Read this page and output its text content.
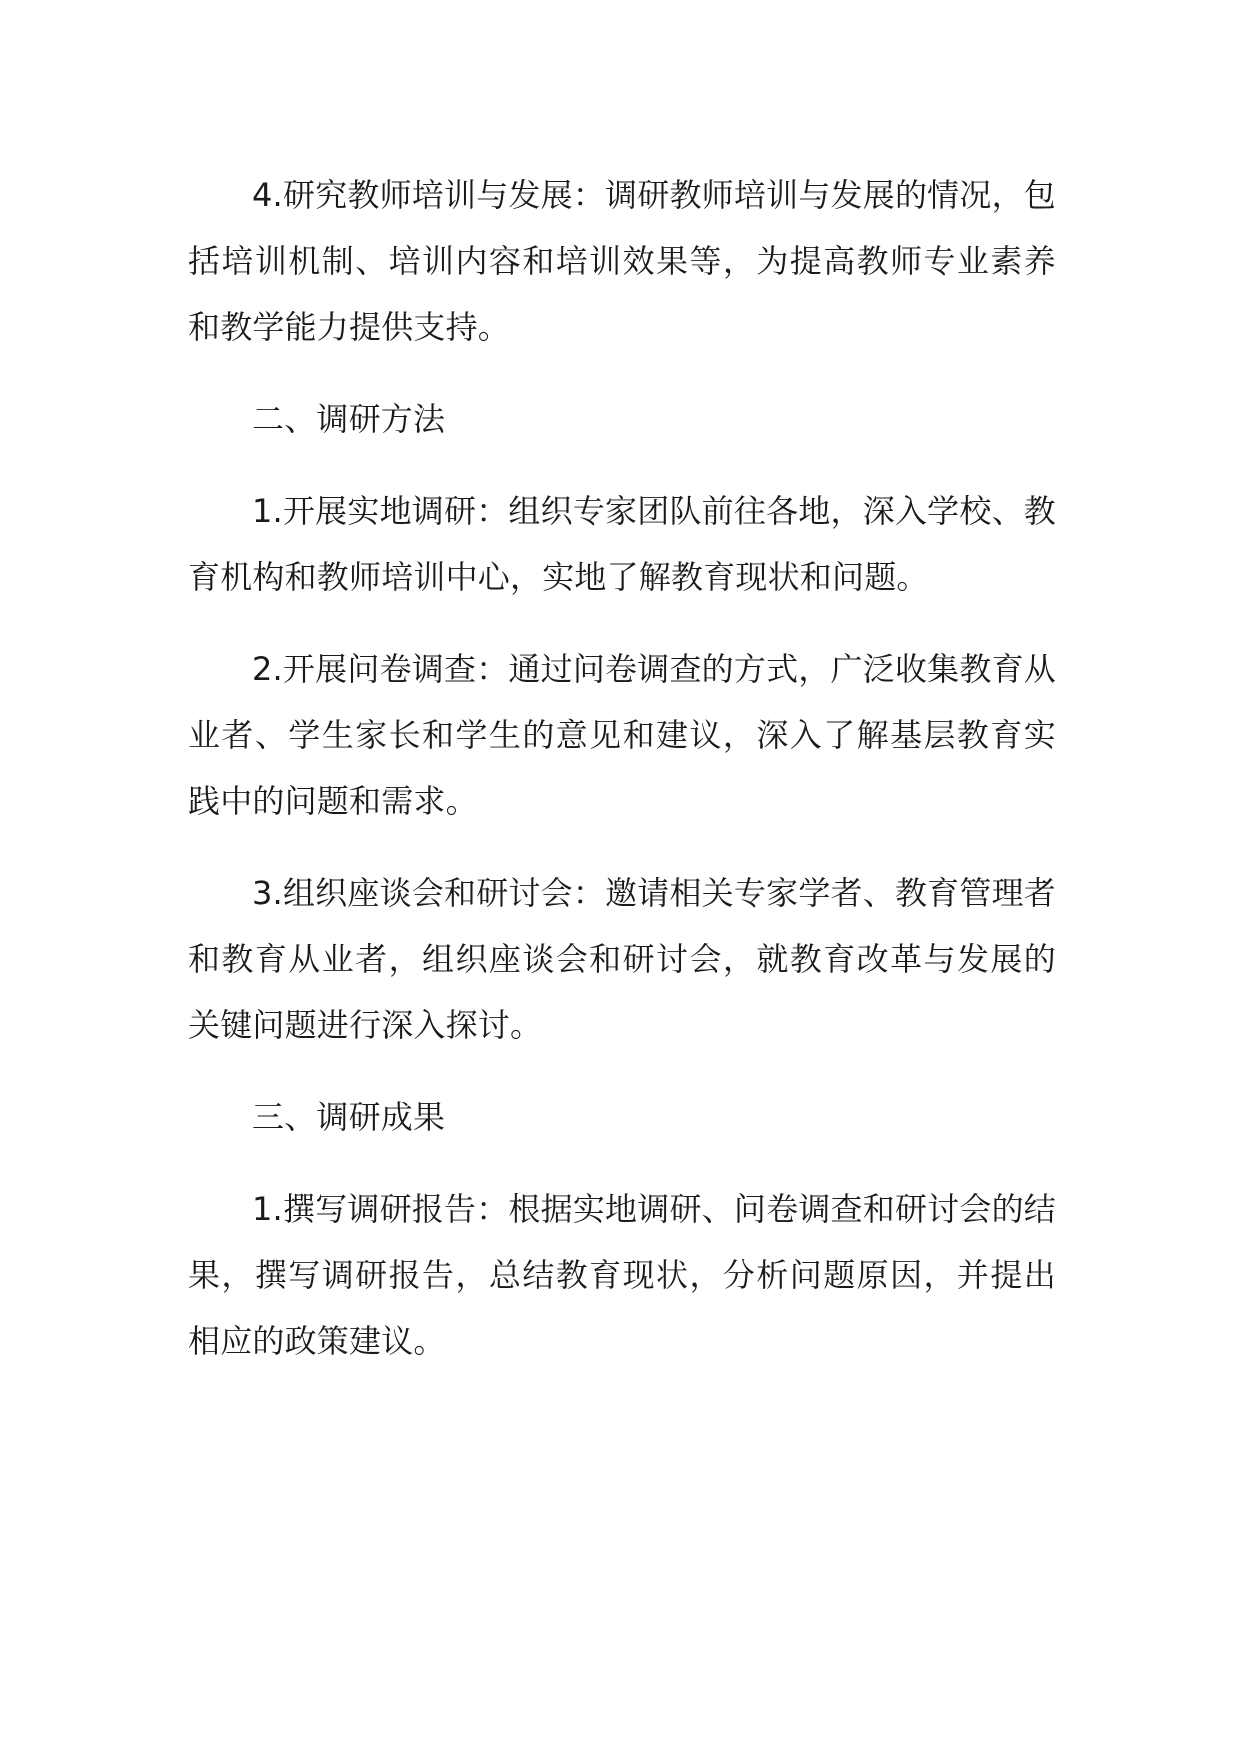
4.研究教师培训与发展：调研教师培训与发展的情况，包括培训机制、培训内容和培训效果等，为提高教师专业素养和教学能力提供支持。

二、调研方法

1.开展实地调研：组织专家团队前往各地，深入学校、教育机构和教师培训中心，实地了解教育现状和问题。

2.开展问卷调查：通过问卷调查的方式，广泛收集教育从业者、学生家长和学生的意见和建议，深入了解基层教育实践中的问题和需求。

3.组织座谈会和研讨会：邀请相关专家学者、教育管理者和教育从业者，组织座谈会和研讨会，就教育改革与发展的关键问题进行深入探讨。

三、调研成果

1.撰写调研报告：根据实地调研、问卷调查和研讨会的结果，撰写调研报告，总结教育现状，分析问题原因，并提出相应的政策建议。
